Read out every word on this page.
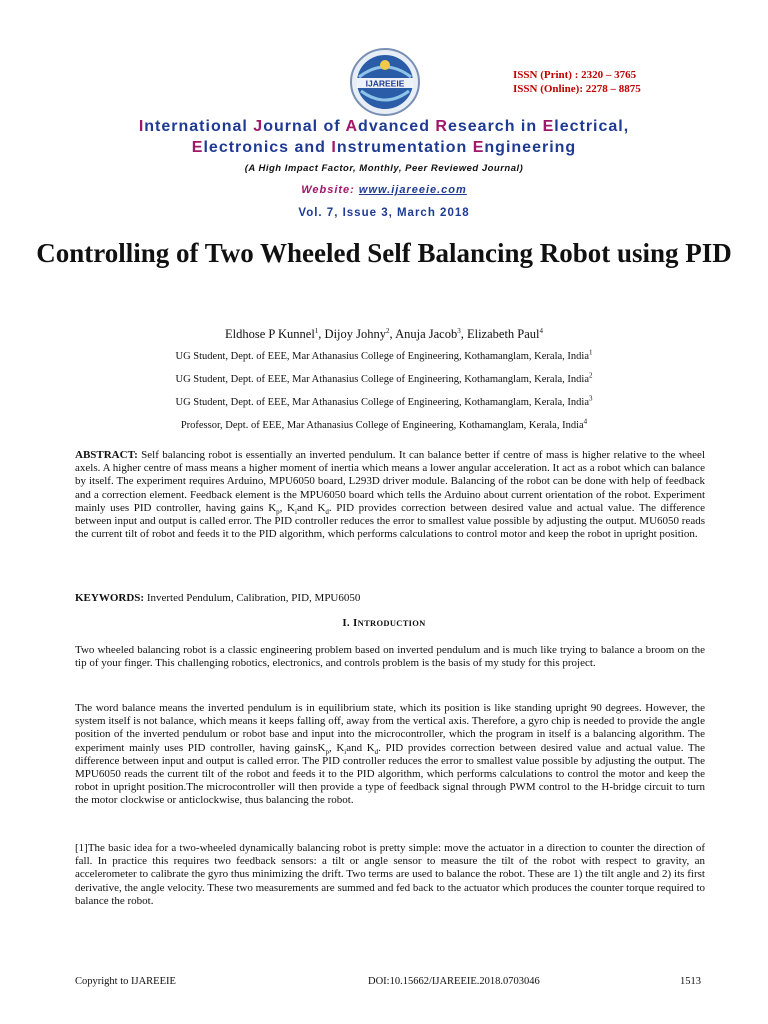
IJAREEIE
ISSN (Print) : 2320 – 3765
ISSN (Online): 2278 – 8875
International Journal of Advanced Research in Electrical,
Electronics and Instrumentation Engineering
(A High Impact Factor, Monthly, Peer Reviewed Journal)
Website: www.ijareeie.com
Vol. 7, Issue 3, March 2018
Controlling of Two Wheeled Self Balancing Robot using PID
Eldhose P Kunnel$^1$, Dijoy Johny$^2$, Anuja Jacob$^3$, Elizabeth Paul$^4$
UG Student, Dept. of EEE, Mar Athanasius College of Engineering, Kothamanglam, Kerala, India$^1$
UG Student, Dept. of EEE, Mar Athanasius College of Engineering, Kothamanglam, Kerala, India$^2$
UG Student, Dept. of EEE, Mar Athanasius College of Engineering, Kothamanglam, Kerala, India$^3$
Professor, Dept. of EEE, Mar Athanasius College of Engineering, Kothamanglam, Kerala, India$^4$
ABSTRACT: Self balancing robot is essentially an inverted pendulum. It can balance better if centre of mass is higher relative to the wheel axels. A higher centre of mass means a higher moment of inertia which means a lower angular acceleration. It act as a robot which can balance by itself. The experiment requires Arduino, MPU6050 board, L293D driver module. Balancing of the robot can be done with help of feedback and a correction element. Feedback element is the MPU6050 board which tells the Arduino about current orientation of the robot. Experiment mainly uses PID controller, having gains $K_p$, $K_iand$ $K_d$. PID provides correction between desired value and actual value. The difference between input and output is called error. The PID controller reduces the error to smallest value possible by adjusting the output. MU6050 reads the current tilt of robot and feeds it to the PID algorithm, which performs calculations to control motor and keep the robot in upright position.
KEYWORDS: Inverted Pendulum, Calibration, PID, MPU6050
I. INTRODUCTION
Two wheeled balancing robot is a classic engineering problem based on inverted pendulum and is much like trying to balance a broom on the tip of your finger. This challenging robotics, electronics, and controls problem is the basis of my study for this project.
The word balance means the inverted pendulum is in equilibrium state, which its position is like standing upright 90 degrees. However, the system itself is not balance, which means it keeps falling off, away from the vertical axis. Therefore, a gyro chip is needed to provide the angle position of the inverted pendulum or robot base and input into the microcontroller, which the program in itself is a balancing algorithm. The experiment mainly uses PID controller, having gainsK$_p$, $K_iand$ $K_d$. PID provides correction between desired value and actual value. The difference between input and output is called error. The PID controller reduces the error to smallest value possible by adjusting the output. The MPU6050 reads the current tilt of the robot and feeds it to the PID algorithm, which performs calculations to control the motor and keep the robot in upright position.The microcontroller will then provide a type of feedback signal through PWM control to the H-bridge circuit to turn the motor clockwise or anticlockwise, thus balancing the robot.
[1]The basic idea for a two-wheeled dynamically balancing robot is pretty simple: move the actuator in a direction to counter the direction of fall. In practice this requires two feedback sensors: a tilt or angle sensor to measure the tilt of the robot with respect to gravity, an accelerometer to calibrate the gyro thus minimizing the drift. Two terms are used to balance the robot. These are 1) the tilt angle and 2) its first derivative, the angle velocity. These two measurements are summed and fed back to the actuator which produces the counter torque required to balance the robot.
Copyright to IJAREEIE	DOI:10.15662/IJAREEIE.2018.0703046	1513
